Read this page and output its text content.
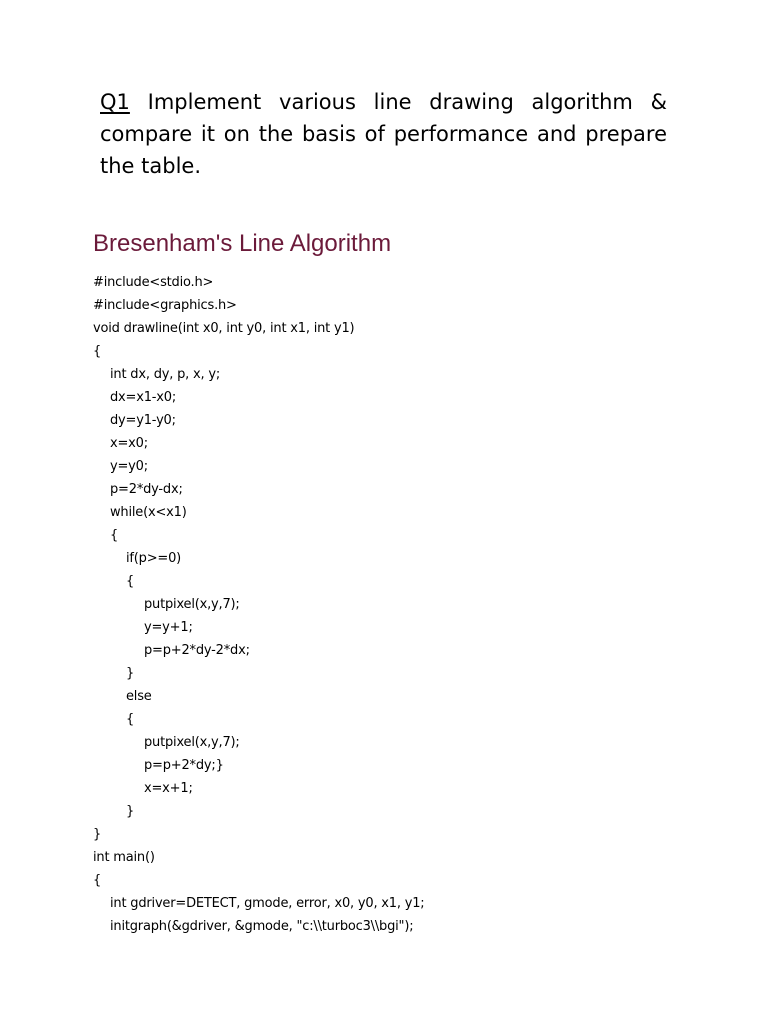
Q1 Implement various line drawing algorithm & compare it on the basis of performance and prepare the table.
Bresenham's Line Algorithm
#include<stdio.h>
#include<graphics.h>
void drawline(int x0, int y0, int x1, int y1)
{
int dx, dy, p, x, y;
dx=x1-x0;
dy=y1-y0;
x=x0;
y=y0;
p=2*dy-dx;
while(x<x1)
{
if(p>=0)
{
putpixel(x,y,7);
y=y+1;
p=p+2*dy-2*dx;
}
else
{
putpixel(x,y,7);
p=p+2*dy;}
x=x+1;
}
}
int main()
{
int gdriver=DETECT, gmode, error, x0, y0, x1, y1;
initgraph(&gdriver, &gmode, "c:\\turboc3\\bgi");
